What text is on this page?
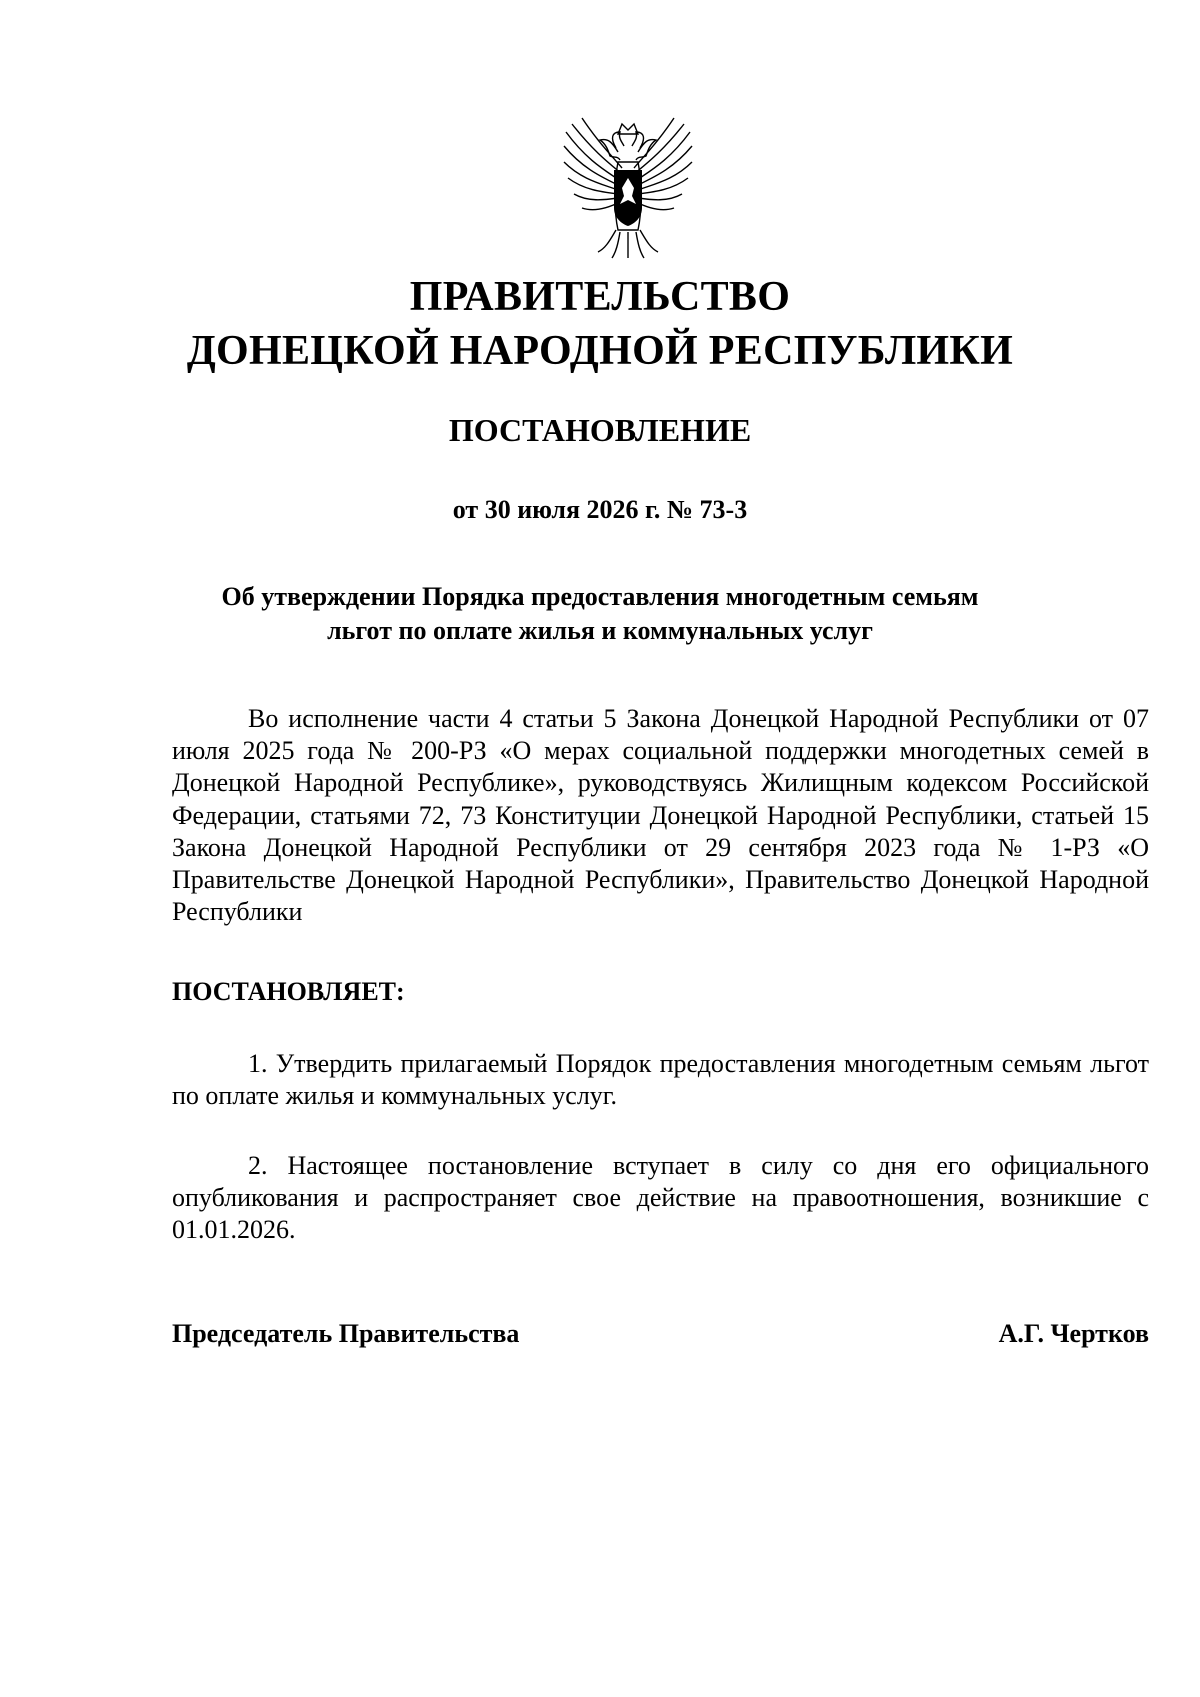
ПРАВИТЕЛЬСТВО
ДОНЕЦКОЙ НАРОДНОЙ РЕСПУБЛИКИ
ПОСТАНОВЛЕНИЕ
от 30 июля 2026 г. № 73-3
Об утверждении Порядка предоставления многодетным семьям
льгот по оплате жилья и коммунальных услуг

Во исполнение части 4 статьи 5 Закона Донецкой Народной Республики от 07 июля 2025 года № 200-РЗ «О мерах социальной поддержки многодетных семей в Донецкой Народной Республике», руководствуясь Жилищным кодексом Российской Федерации, статьями 72, 73 Конституции Донецкой Народной Республики, статьей 15 Закона Донецкой Народной Республики от 29 сентября 2023 года № 1-РЗ «О Правительстве Донецкой Народной Республики», Правительство Донецкой Народной Республики

ПОСТАНОВЛЯЕТ:

1. Утвердить прилагаемый Порядок предоставления многодетным семьям льгот по оплате жилья и коммунальных услуг.

2. Настоящее постановление вступает в силу со дня его официального опубликования и распространяет свое действие на правоотношения, возникшие с 01.01.2026.

Председатель Правительства	А.Г. Чертков
